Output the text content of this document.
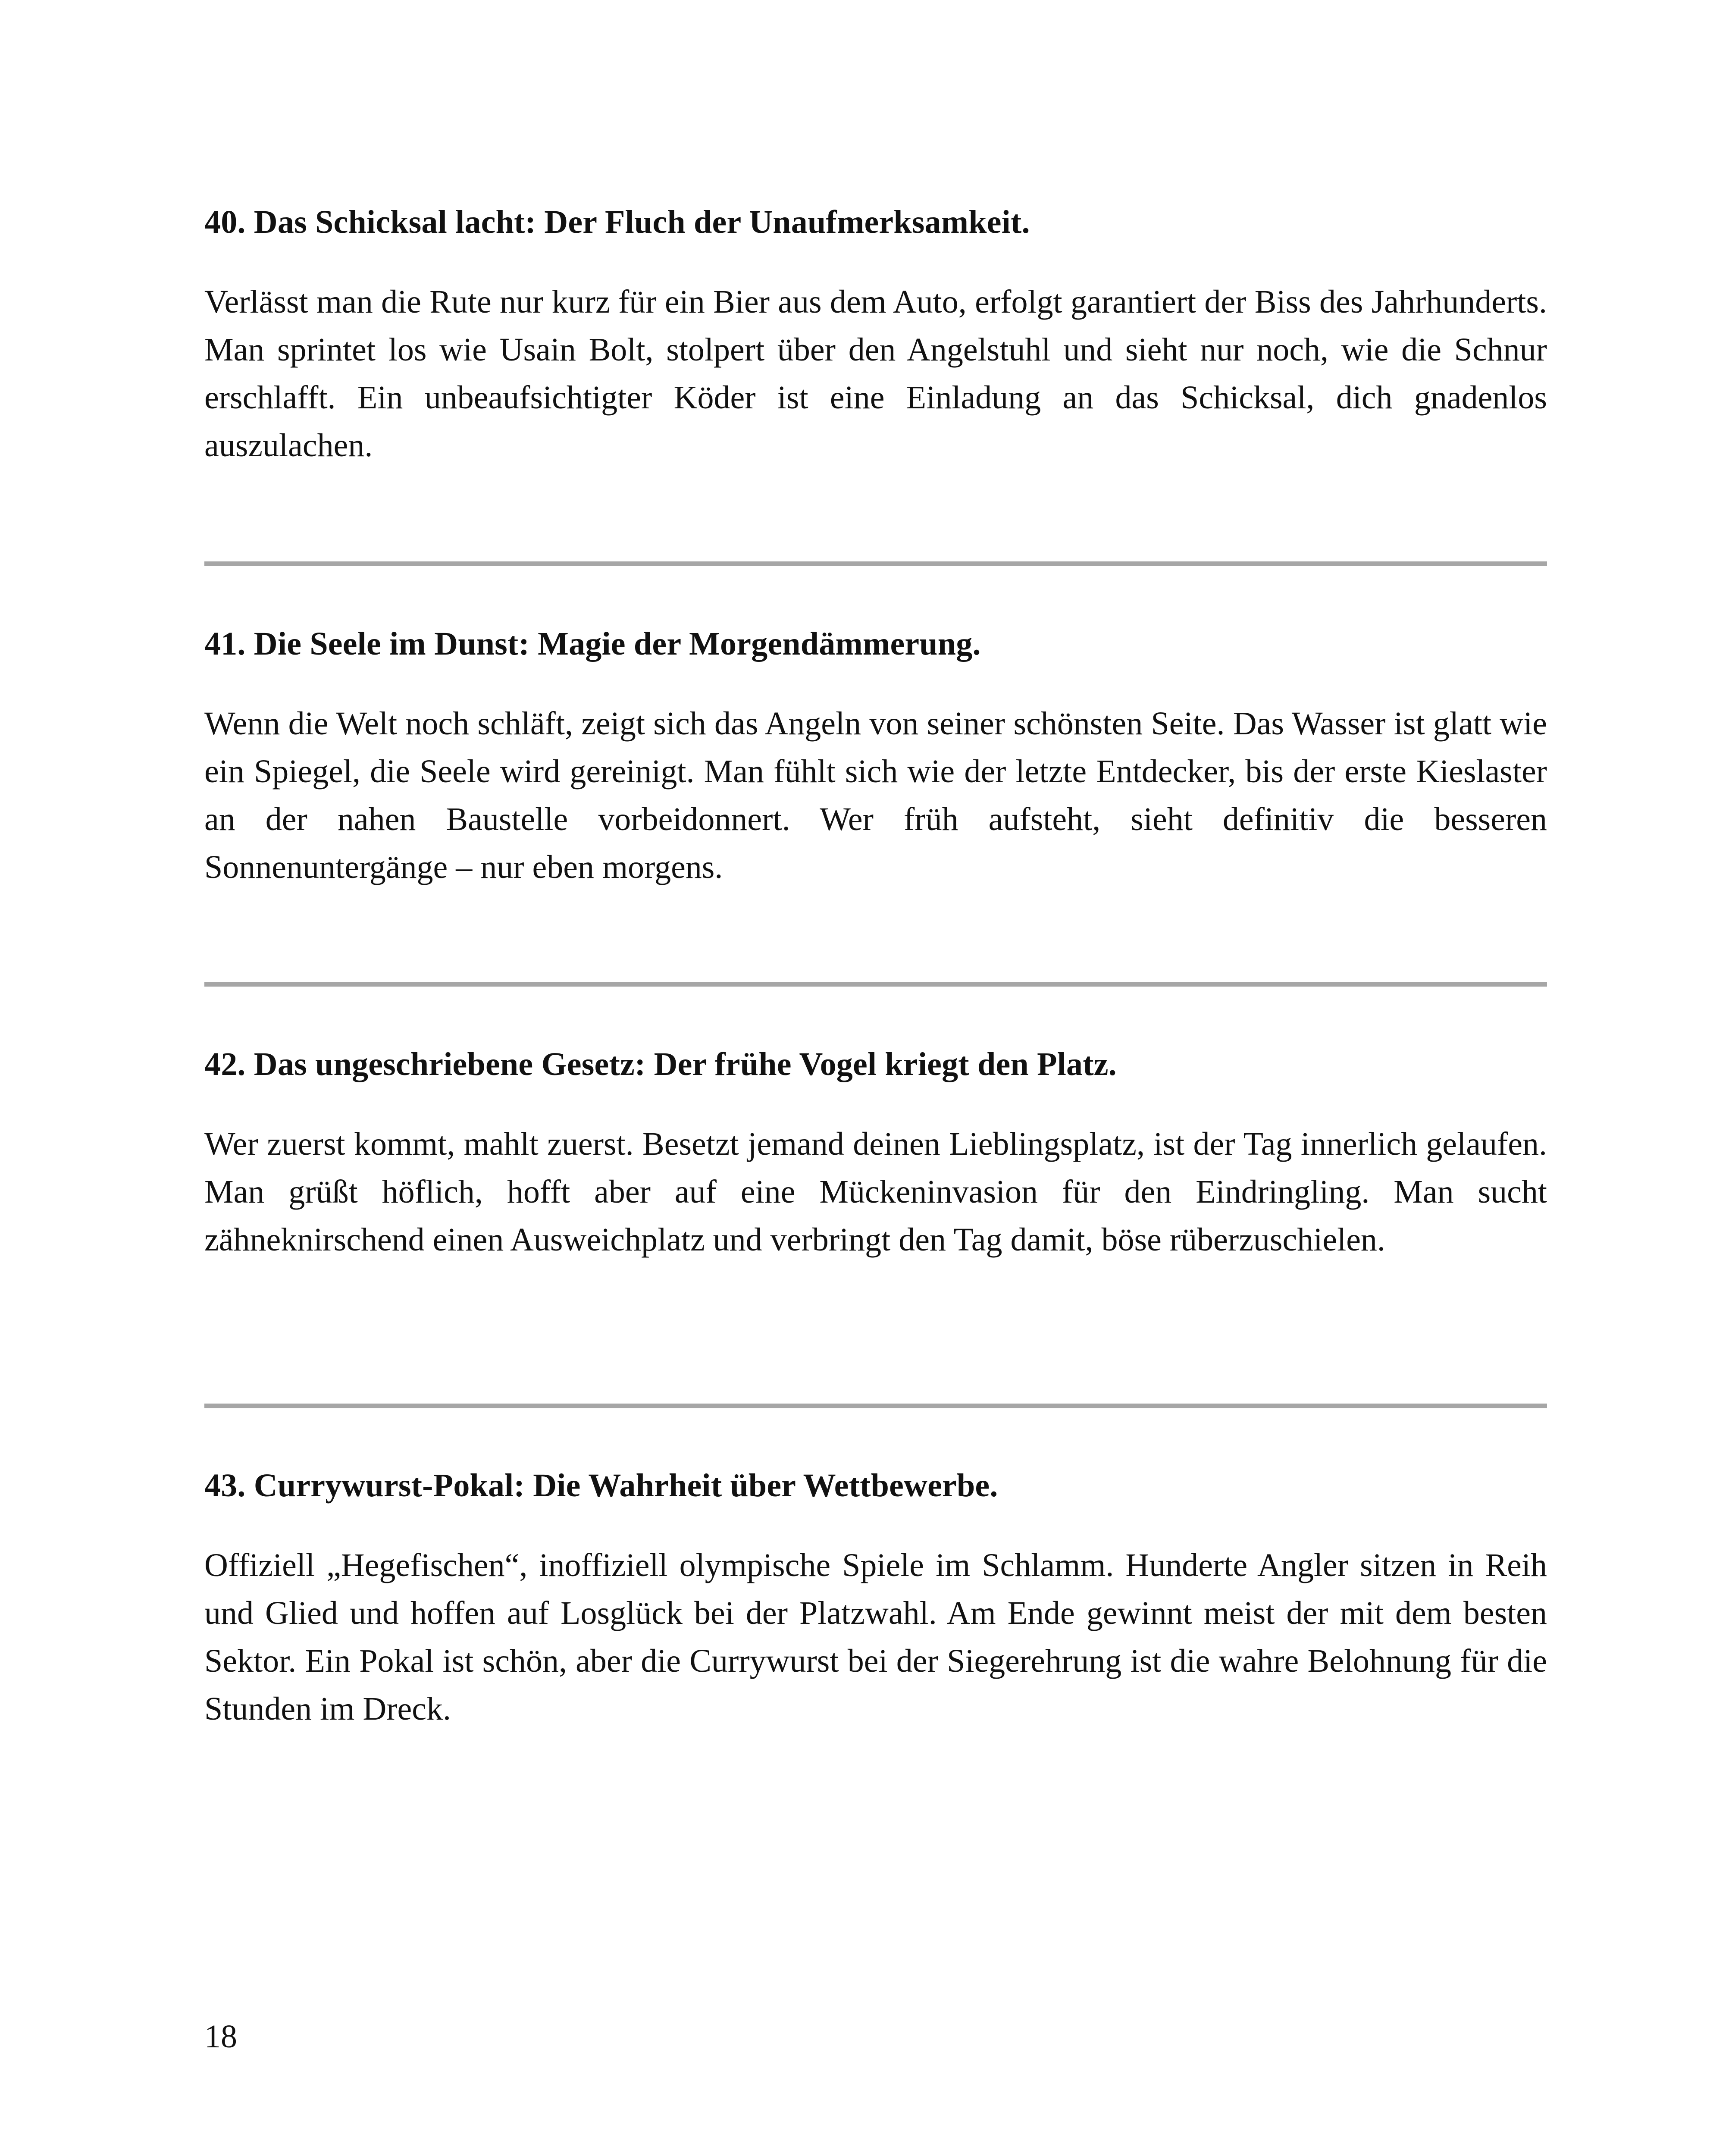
40. Das Schicksal lacht: Der Fluch der Unaufmerksamkeit.

Verlässt man die Rute nur kurz für ein Bier aus dem Auto, erfolgt garantiert der Biss des Jahrhunderts. Man sprintet los wie Usain Bolt, stolpert über den Angelstuhl und sieht nur noch, wie die Schnur erschlafft. Ein unbeaufsichtigter Köder ist eine Einladung an das Schicksal, dich gnadenlos auszulachen.

41. Die Seele im Dunst: Magie der Morgendämmerung.

Wenn die Welt noch schläft, zeigt sich das Angeln von seiner schönsten Seite. Das Wasser ist glatt wie ein Spiegel, die Seele wird gereinigt. Man fühlt sich wie der letzte Entdecker, bis der erste Kieslaster an der nahen Baustelle vorbeidonnert. Wer früh aufsteht, sieht definitiv die besseren Sonnenuntergänge – nur eben morgens.

42. Das ungeschriebene Gesetz: Der frühe Vogel kriegt den Platz.

Wer zuerst kommt, mahlt zuerst. Besetzt jemand deinen Lieblingsplatz, ist der Tag innerlich gelaufen. Man grüßt höflich, hofft aber auf eine Mückeninvasion für den Eindringling. Man sucht zähneknirschend einen Ausweichplatz und verbringt den Tag damit, böse rüberzuschielen.

43. Currywurst-Pokal: Die Wahrheit über Wettbewerbe.

Offiziell „Hegefischen“, inoffiziell olympische Spiele im Schlamm. Hunderte Angler sitzen in Reih und Glied und hoffen auf Losglück bei der Platzwahl. Am Ende gewinnt meist der mit dem besten Sektor. Ein Pokal ist schön, aber die Currywurst bei der Siegerehrung ist die wahre Belohnung für die Stunden im Dreck.

18
